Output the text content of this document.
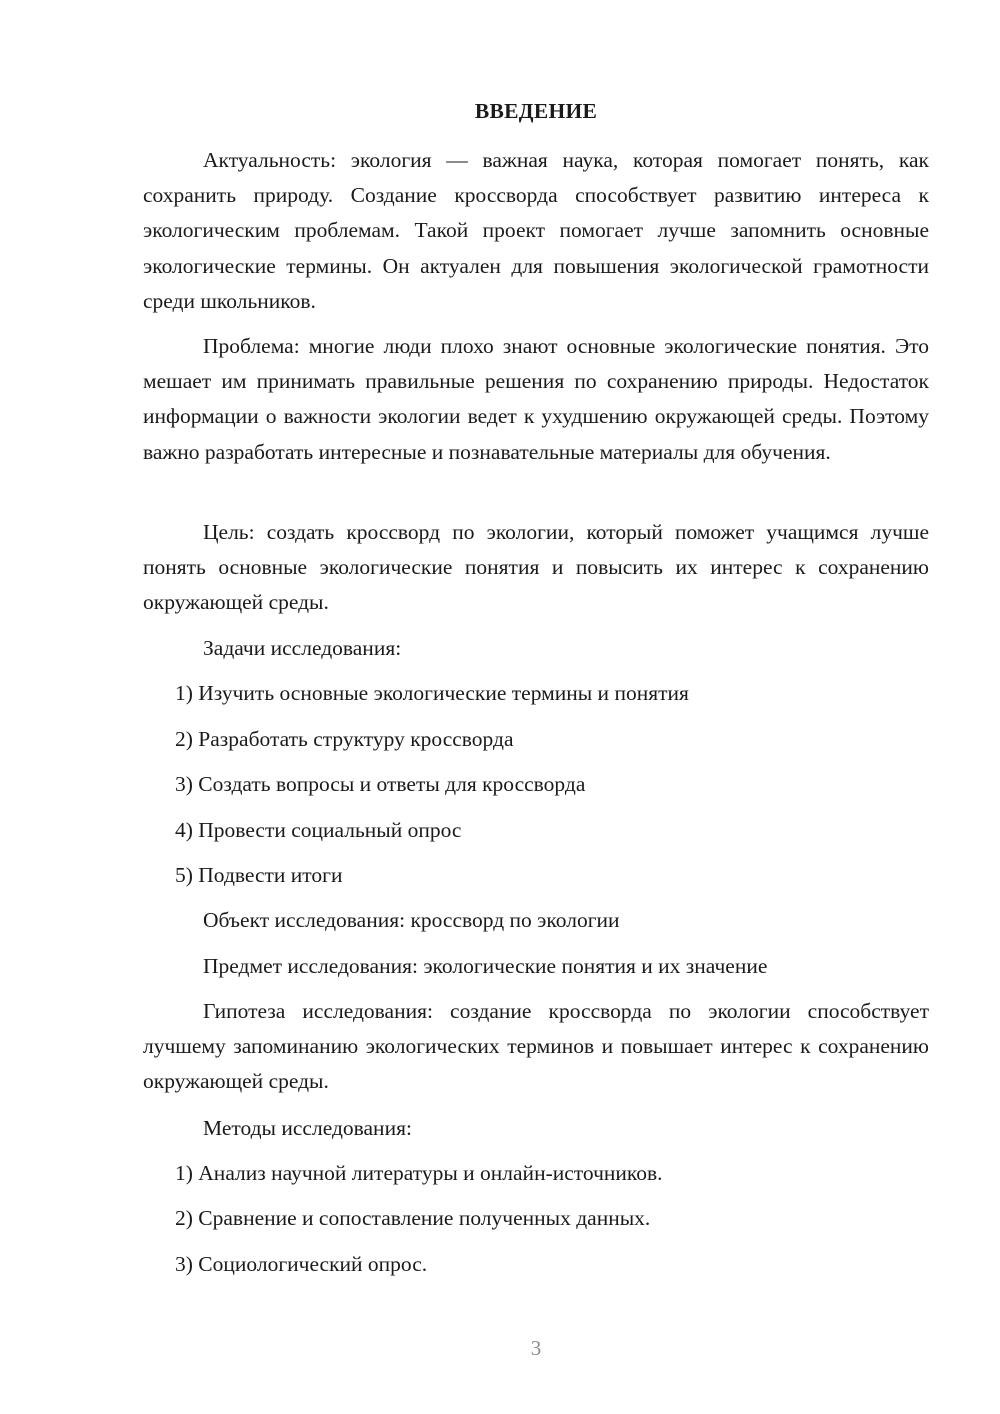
ВВЕДЕНИЕ

Актуальность: экология — важная наука, которая помогает понять, как сохранить природу. Создание кроссворда способствует развитию интереса к экологическим проблемам. Такой проект помогает лучше запомнить основные экологические термины. Он актуален для повышения экологической грамотности среди школьников.

Проблема: многие люди плохо знают основные экологические понятия. Это мешает им принимать правильные решения по сохранению природы. Недостаток информации о важности экологии ведет к ухудшению окружающей среды. Поэтому важно разработать интересные и познавательные материалы для обучения.

Цель: создать кроссворд по экологии, который поможет учащимся лучше понять основные экологические понятия и повысить их интерес к сохранению окружающей среды.

Задачи исследования:

1) Изучить основные экологические термины и понятия

2) Разработать структуру кроссворда

3) Создать вопросы и ответы для кроссворда

4) Провести социальный опрос

5) Подвести итоги

Объект исследования: кроссворд по экологии

Предмет исследования: экологические понятия и их значение

Гипотеза исследования: создание кроссворда по экологии способствует лучшему запоминанию экологических терминов и повышает интерес к сохранению окружающей среды.

Методы исследования:

1) Анализ научной литературы и онлайн-источников.

2) Сравнение и сопоставление полученных данных.

3) Социологический опрос.

3
